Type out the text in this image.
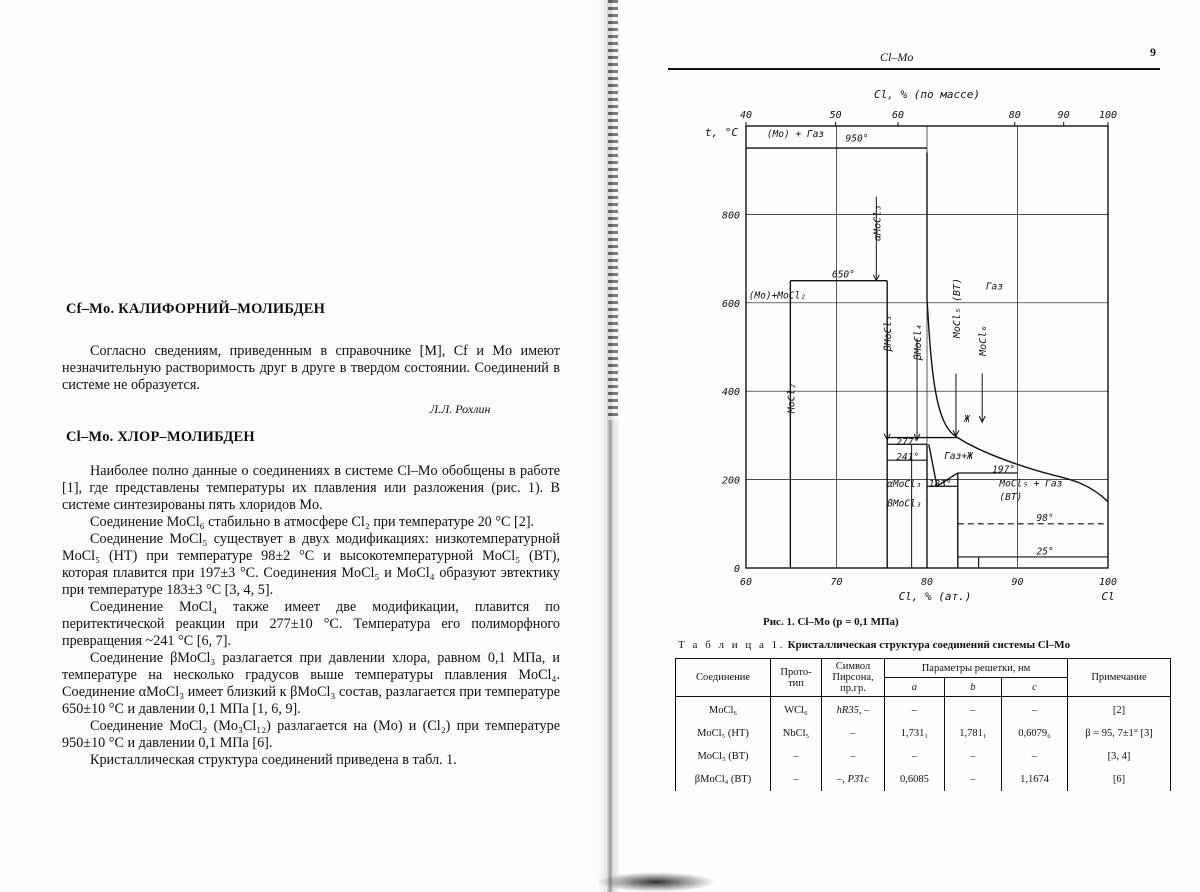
Cf–Mo. КАЛИФОРНИЙ–МОЛИБДЕН

Согласно сведениям, приведенным в справочнике [M], Cf и Mo имеют незначительную растворимость друг в друге в твердом состоянии. Соединений в системе не образуется.

Л.Л. Рохлин
Cl–Mo. ХЛОР–МОЛИБДЕН

Наиболее полно данные о соединениях в системе Cl–Mo обобщены в работе [1], где представлены температуры их плавления или разложения (рис. 1). В системе синтезированы пять хлоридов Mo.

Соединение MoCl₆ стабильно в атмосфере Cl₂ при температуре 20 °C [2].

Соединение MoCl₅ существует в двух модификациях: низкотемпературной MoCl₅ (НТ) при температуре 98±2 °C и высокотемпературной MoCl₅ (ВТ), которая плавится при 197±3 °C. Соединения MoCl₅ и MoCl₄ образуют эвтектику при температуре 183±3 °C [3, 4, 5].

Соединение MoCl₄ также имеет две модификации, плавится по перитектической реакции при 277±10 °C. Температура его полиморфного превращения ~241 °C [6, 7].

Соединение βMoCl₃ разлагается при давлении хлора, равном 0,1 МПа, и температуре на несколько градусов выше температуры плавления MoCl₄. Соединение αMoCl₃ имеет близкий к βMoCl₃ состав, разлагается при температуре 650±10 °C и давлении 0,1 МПа [1, 6, 9].

Соединение MoCl₂ (Mo₃Cl₁₂) разлагается на (Mo) и (Cl₂) при температуре 950±10 °C и давлении 0,1 МПа [6].

Кристаллическая структура соединений приведена в табл. 1.

Cl–Mo	9
40	50	60	80	90	100
Cl, % (по массе)
60	70	80	90	100
Cl, % (ат.)	Cl
0
200
400
600
800
t, °C	(Mo) + Газ 950°
650°
(Mo)+MoCl₂
Газ
Ж
277°
241°	Газ+Ж
197°
183°
αMoCl₃
βMoCl₃
MoCl₅ + Газ
(ВТ)
98°
25°
αMoCl₃
MoCl₂
βMoCl₃ βMoCl₄
MoCl₅ (ВТ)
MoCl₆
Рис. 1. Cl–Mo (p = 0,1 МПа)
Т а б л и ц а 1. Кристаллическая структура соединений системы Cl–Mo
Соединение	Прото-тип	Символ Пирсона, пр.гр.	Параметры решетки, нм			Примечание
			a	b	c	
MoCl₆	WCl₆	hR35, –	–	–	–	[2]
MoCl₅ (НТ)	NbCl₅	–	1,731₁	1,781₁	0,6079₆	β = 95, 7±1° [3]
MoCl₅ (ВТ)	–	–	–	–	–	[3, 4]
βMoCl₄ (ВТ)	–	–, P3̄1c	0,6085	–	1,1674	[6]
